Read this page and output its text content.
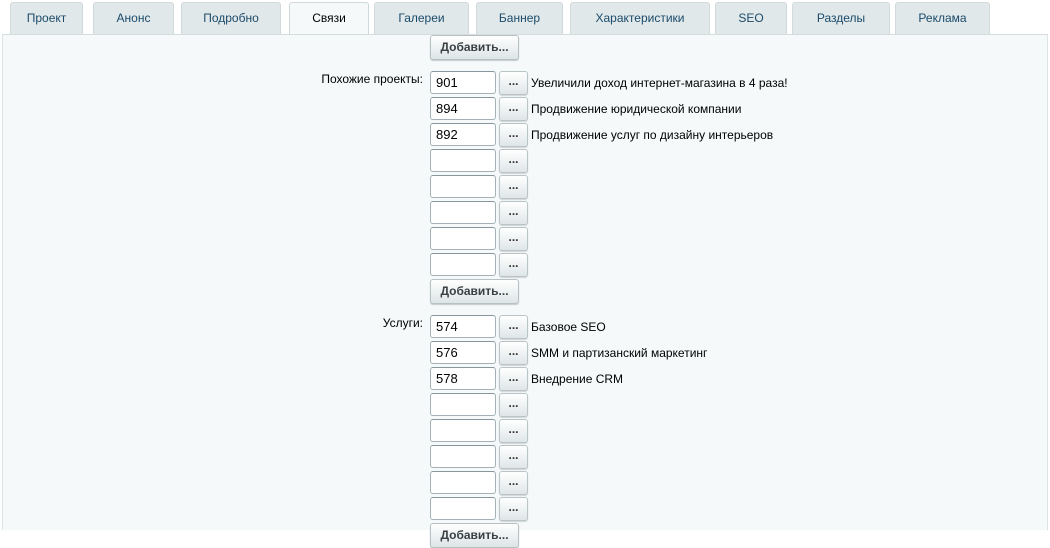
Проект	Анонс	Подробно	Связи	Галереи	Баннер	Характеристики	SEO	Разделы	Реклама
Добавить...
Похожие проекты:	901	...	Увеличили доход интернет-магазина в 4 раза!
894	...	Продвижение юридической компании
892	...	Продвижение услуг по дизайну интерьеров
...
...
...
...
...
Добавить...
Услуги:	574	...	Базовое SEO
576	...	SMM и партизанский маркетинг
578	...	Внедрение CRM
...
...
...
...
...
Добавить...
